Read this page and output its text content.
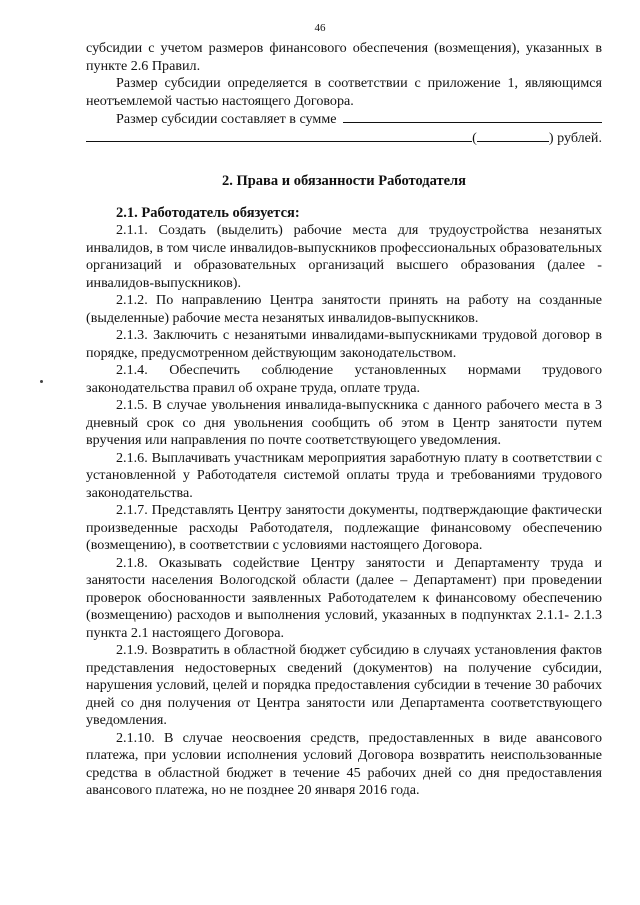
46

субсидии с учетом размеров финансового обеспечения (возмещения), указанных в пункте 2.6 Правил.

Размер субсидии определяется в соответствии с приложение 1, являющимся неотъемлемой частью настоящего Договора.

Размер субсидии составляет в сумме
(	) рублей.
2. Права и обязанности Работодателя
2.1. Работодатель обязуется:

2.1.1. Создать (выделить) рабочие места для трудоустройства незанятых инвалидов, в том числе инвалидов-выпускников профессиональных образовательных организаций и образовательных организаций высшего образования (далее - инвалидов-выпускников).

2.1.2. По направлению Центра занятости принять на работу на созданные (выделенные) рабочие места незанятых инвалидов-выпускников.

2.1.3. Заключить с незанятыми инвалидами-выпускниками трудовой договор в порядке, предусмотренном действующим законодательством.

2.1.4. Обеспечить соблюдение установленных нормами трудового законодательства правил об охране труда, оплате труда.

2.1.5. В случае увольнения инвалида-выпускника с данного рабочего места в 3 дневный срок со дня увольнения сообщить об этом в Центр занятости путем вручения или направления по почте соответствующего уведомления.

2.1.6. Выплачивать участникам мероприятия заработную плату в соответствии с установленной у Работодателя системой оплаты труда и требованиями трудового законодательства.

2.1.7. Представлять Центру занятости документы, подтверждающие фактически произведенные расходы Работодателя, подлежащие финансовому обеспечению (возмещению), в соответствии с условиями настоящего Договора.

2.1.8. Оказывать содействие Центру занятости и Департаменту труда и занятости населения Вологодской области (далее – Департамент) при проведении проверок обоснованности заявленных Работодателем к финансовому обеспечению (возмещению) расходов и выполнения условий, указанных в подпунктах 2.1.1- 2.1.3 пункта 2.1 настоящего Договора.

2.1.9. Возвратить в областной бюджет субсидию в случаях установления фактов представления недостоверных сведений (документов) на получение субсидии, нарушения условий, целей и порядка предоставления субсидии в течение 30 рабочих дней со дня получения от Центра занятости или Департамента соответствующего уведомления.

2.1.10. В случае неосвоения средств, предоставленных в виде авансового платежа, при условии исполнения условий Договора возвратить неиспользованные средства в областной бюджет в течение 45 рабочих дней со дня предоставления авансового платежа, но не позднее 20 января 2016 года.
